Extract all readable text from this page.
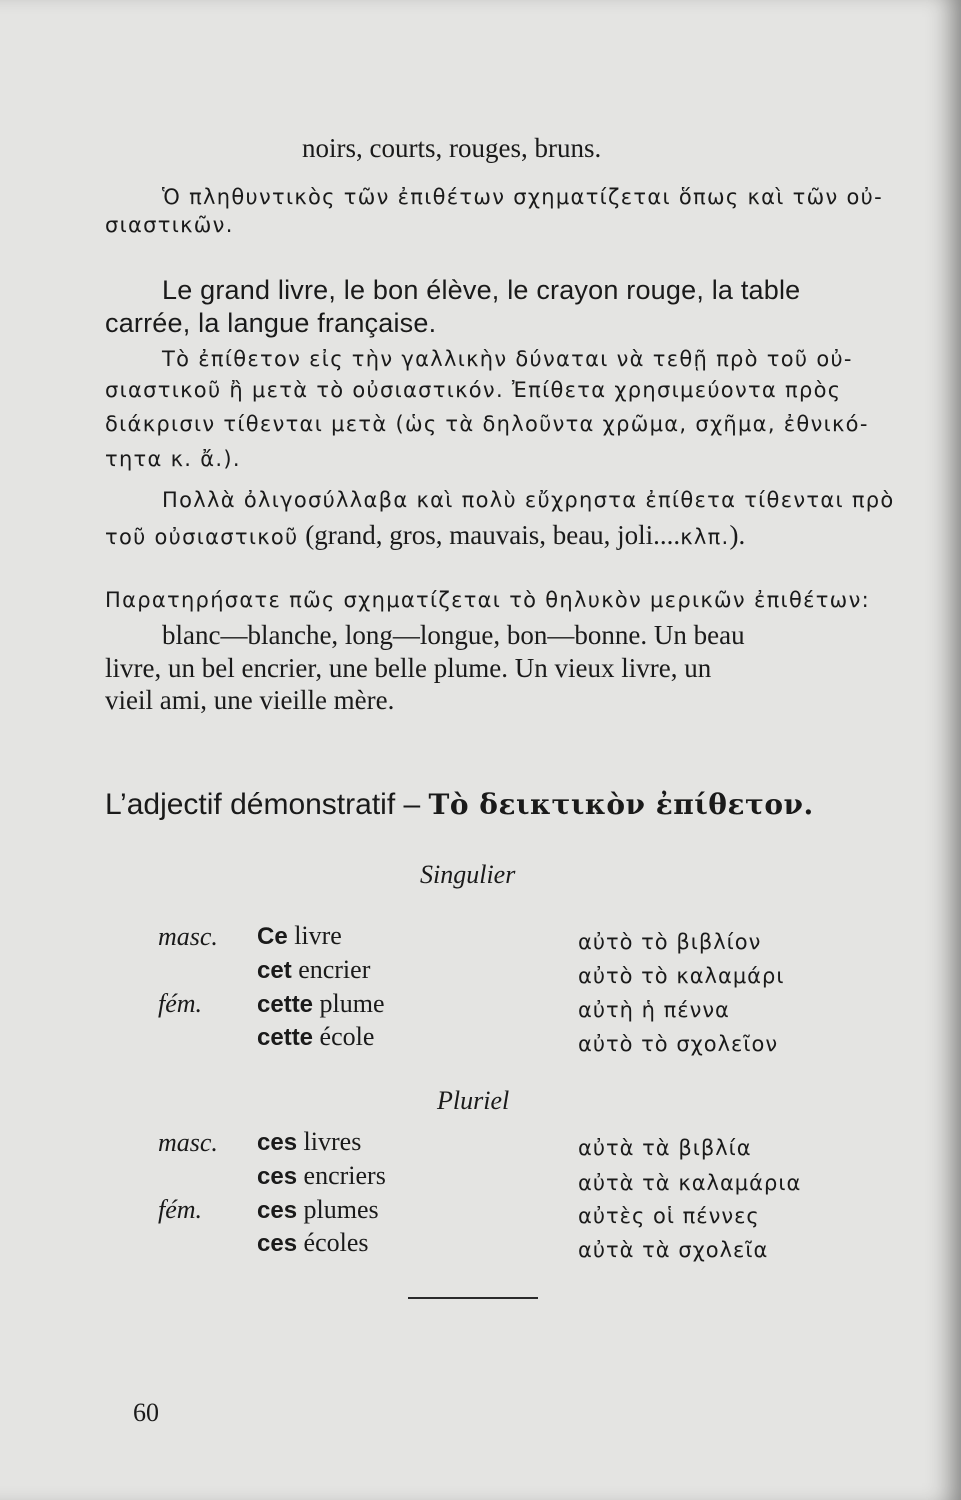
noirs, courts, rouges, bruns.
Ὁ πληθυντικὸς τῶν ἐπιθέτων σχηματίζεται ὅπως καὶ τῶν οὐ-
σιαστικῶν.
Le grand livre, le bon élève, le crayon rouge, la table
carrée, la langue française.
Τὸ ἐπίθετον εἰς τὴν γαλλικὴν δύναται νὰ τεθῇ πρὸ τοῦ οὐ-
σιαστικοῦ ἢ μετὰ τὸ οὐσιαστικόν. Ἐπίθετα χρησιμεύοντα πρὸς
διάκρισιν τίθενται μετὰ (ὡς τὰ δηλοῦντα χρῶμα, σχῆμα, ἐθνικό-
τητα κ. ἄ.).
Πολλὰ ὀλιγοσύλλαβα καὶ πολὺ εὔχρηστα ἐπίθετα τίθενται πρὸ
τοῦ οὐσιαστικοῦ (grand, gros, mauvais, beau, joli....κλπ.).
Παρατηρήσατε πῶς σχηματίζεται τὸ θηλυκὸν μερικῶν ἐπιθέτων:
blanc—blanche, long—longue, bon—bonne. Un beau
livre, un bel encrier, une belle plume. Un vieux livre, un
vieil ami, une vieille mère.
L’adjectif démonstratif – Τὸ δεικτικὸν ἐπίθετον.
Singulier
masc.
fém.
Ce livre
cet encrier
cette plume
cette école
αὐτὸ τὸ βιβλίον
αὐτὸ τὸ καλαμάρι
αὐτὴ ἡ πέννα
αὐτὸ τὸ σχολεῖον
Pluriel
masc.
fém.
ces livres
ces encriers
ces plumes
ces écoles
αὐτὰ τὰ βιβλία
αὐτὰ τὰ καλαμάρια
αὐτὲς οἱ πέννες
αὐτὰ τὰ σχολεῖα
60
